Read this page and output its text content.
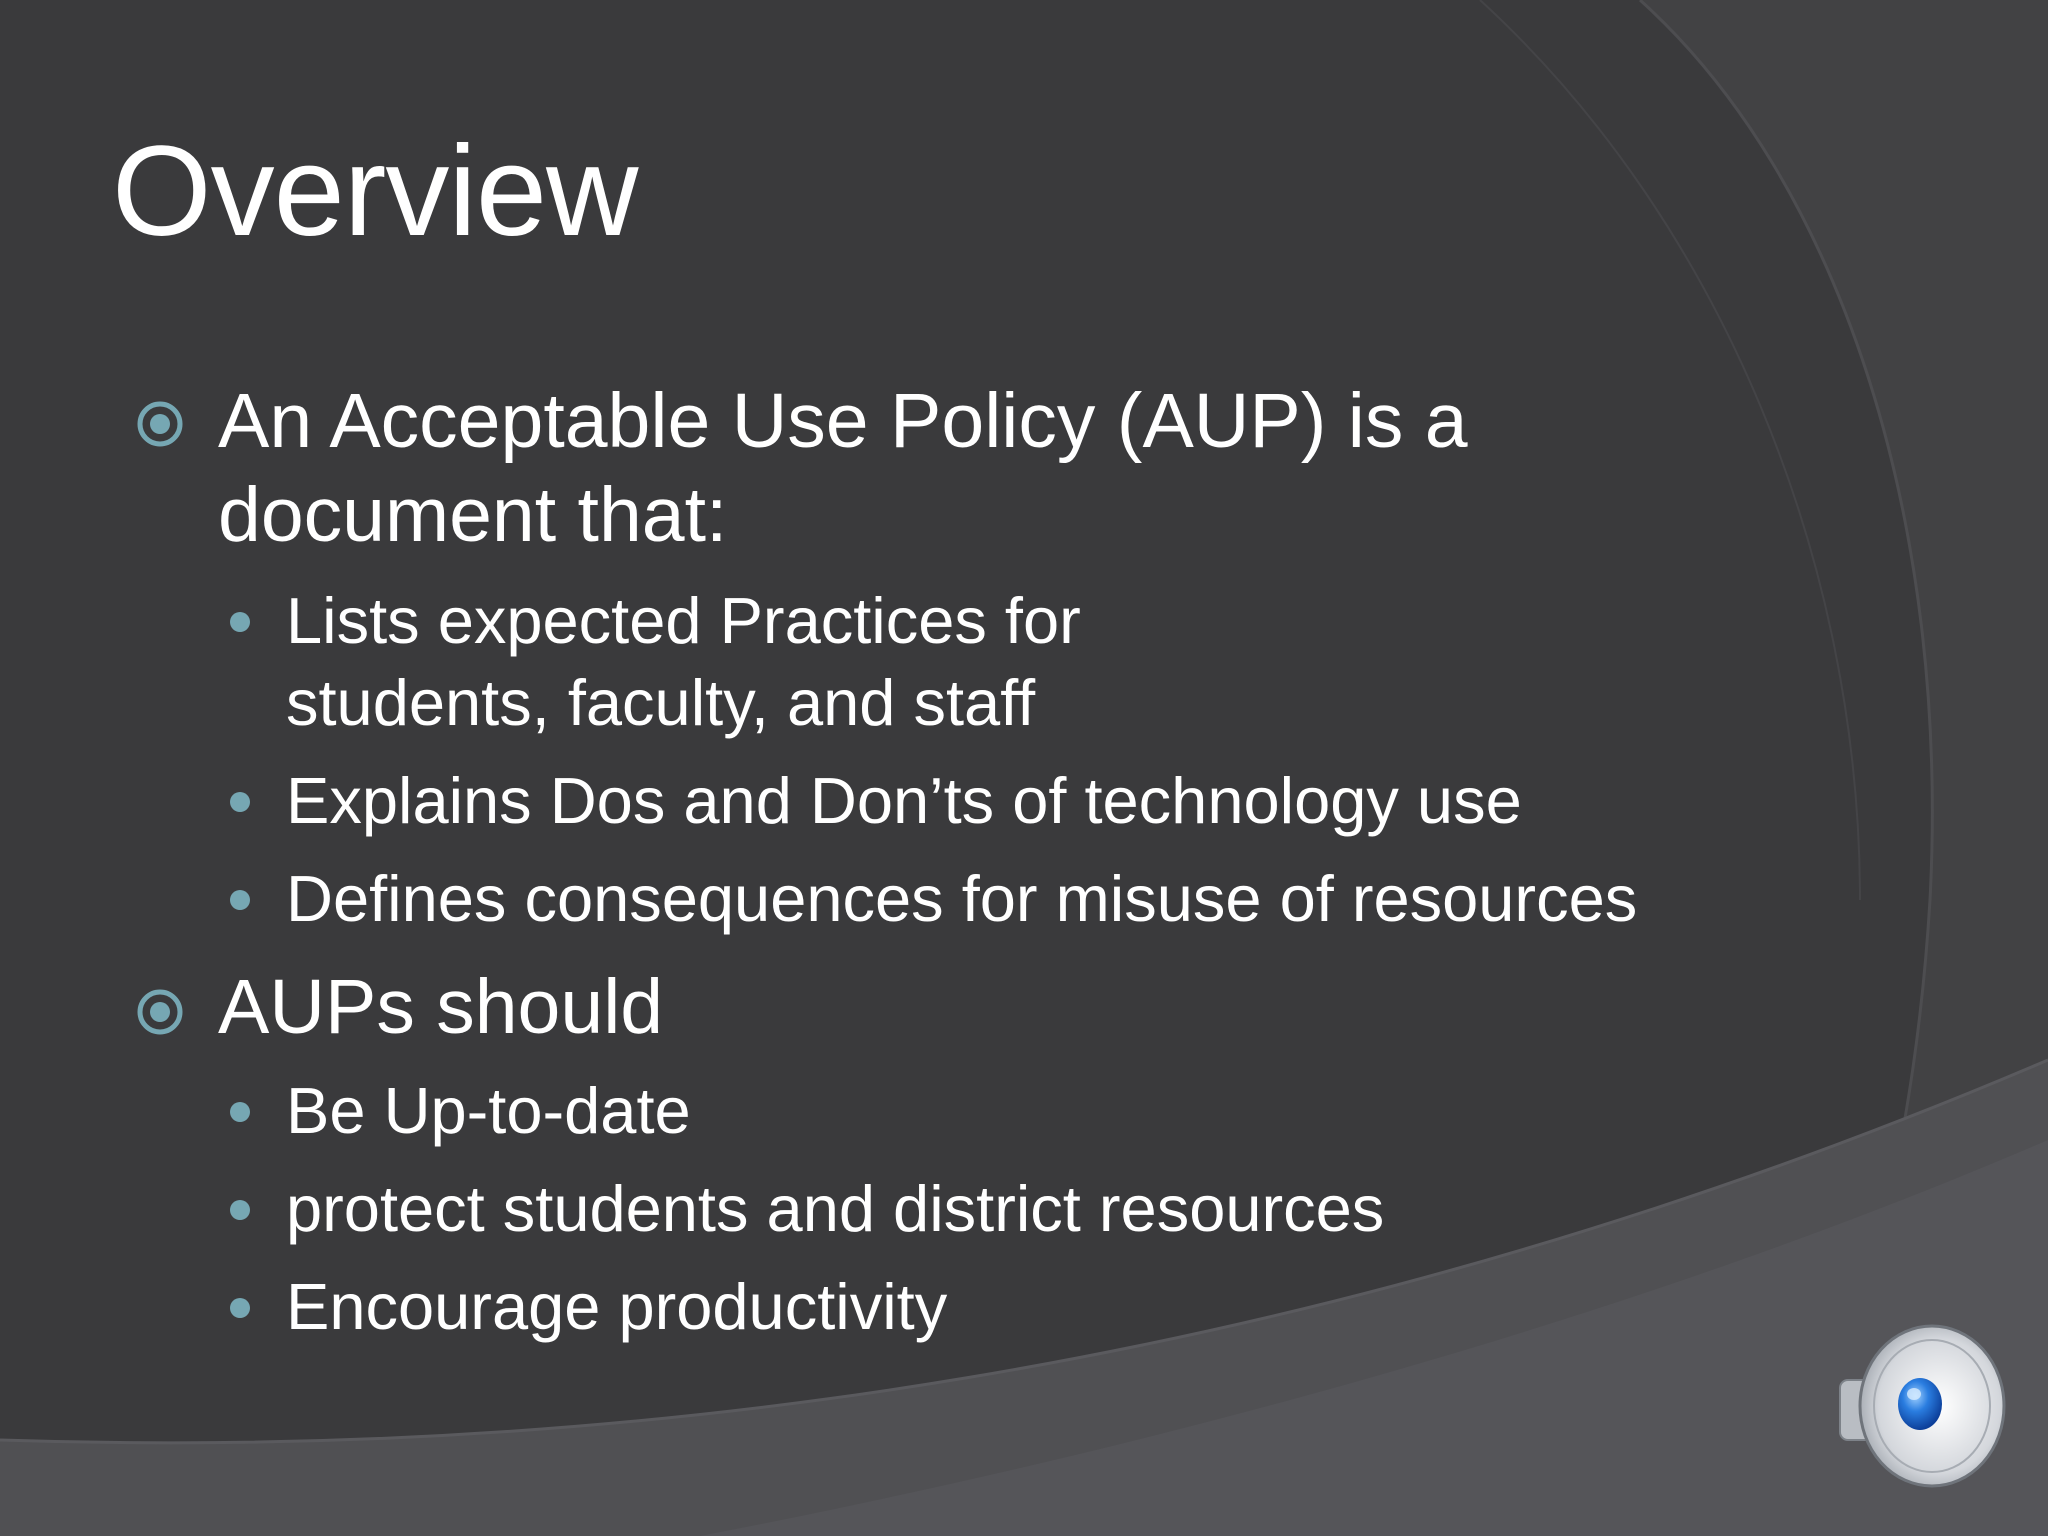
Overview
An Acceptable Use Policy (AUP) is a
document that:
Lists expected Practices for
students, faculty, and staff
Explains Dos and Don’ts of technology use
Defines consequences for misuse of resources
AUPs should
Be Up-to-date
protect students and district resources
Encourage productivity
